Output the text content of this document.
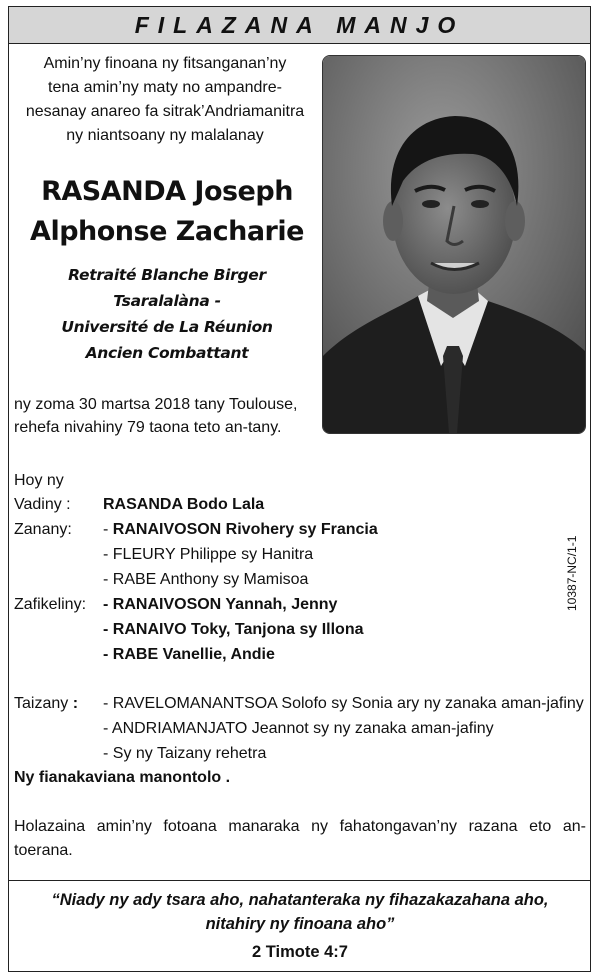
FILAZANA MANJO
Amin’ny finoana ny fitsanganan’ny
tena amin’ny maty no ampandre-
nesanay anareo fa sitrak’Andriamanitra
ny niantsoany ny malalanay
RASANDA Joseph
Alphonse Zacharie
Retraité Blanche Birger
Tsaralalàna -
Université de La Réunion
Ancien Combattant
ny zoma 30 martsa 2018 tany Toulouse,
rehefa nivahiny 79 taona teto an-tany.
10387-NC/1-1
Hoy ny
Vadiny : RASANDA Bodo Lala
Zanany: - RANAIVOSON Rivohery sy Francia
- FLEURY Philippe sy Hanitra
- RABE Anthony sy Mamisoa
Zafikeliny: - RANAIVOSON Yannah, Jenny
- RANAIVO Toky, Tanjona sy Illona
- RABE Vanellie, Andie
Taizany : - RAVELOMANANTSOA Solofo sy Sonia ary ny zanaka aman-jafiny
- ANDRIAMANJATO Jeannot sy ny zanaka aman-jafiny
- Sy ny Taizany rehetra
Ny fianakaviana manontolo .
Holazaina amin’ny fotoana manaraka ny fahatongavan’ny razana eto an-toerana.
“Niady ny ady tsara aho, nahatanteraka ny fihazakazahana aho,
nitahiry ny finoana aho”
2 Timote 4:7
